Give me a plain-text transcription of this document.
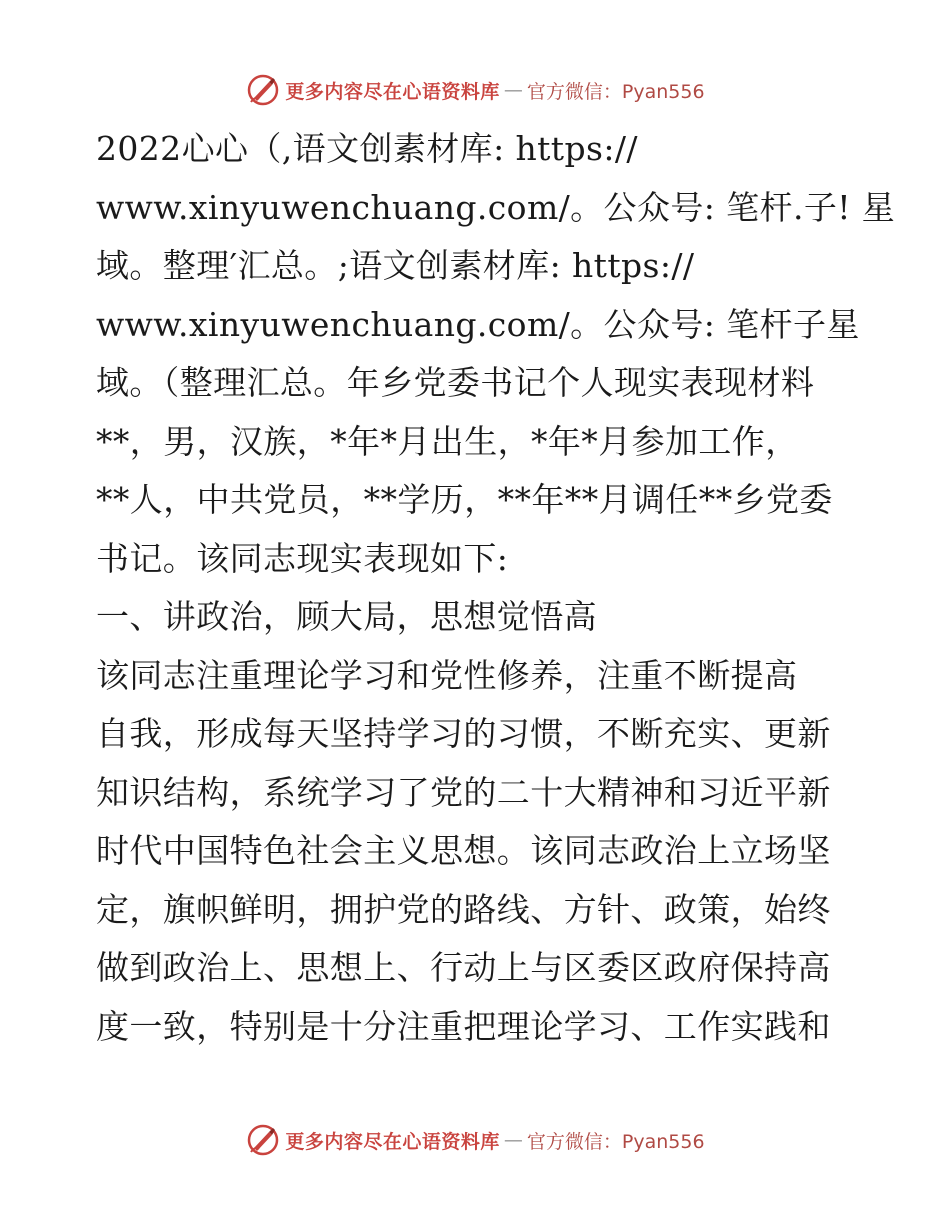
更多内容尽在心语资料库 — 官方微信：Pyan556
2022心心（,语文创素材库: https://
www.xinyuwenchuang.com/。公众号: 笔杆.子! 星
域。整理′汇总。;语文创素材库: https://
www.xinyuwenchuang.com/。公众号: 笔杆子星
域。（整理汇总。年乡党委书记个人现实表现材料
**，男，汉族，*年*月出生，*年*月参加工作，
**人，中共党员，**学历，**年**月调任**乡党委
书记。该同志现实表现如下:
一、讲政治，顾大局，思想觉悟高
该同志注重理论学习和党性修养，注重不断提高
自我，形成每天坚持学习的习惯，不断充实、更新
知识结构，系统学习了党的二十大精神和习近平新
时代中国特色社会主义思想。该同志政治上立场坚
定，旗帜鲜明，拥护党的路线、方针、政策，始终
做到政治上、思想上、行动上与区委区政府保持高
度一致，特别是十分注重把理论学习、工作实践和
更多内容尽在心语资料库 — 官方微信：Pyan556
